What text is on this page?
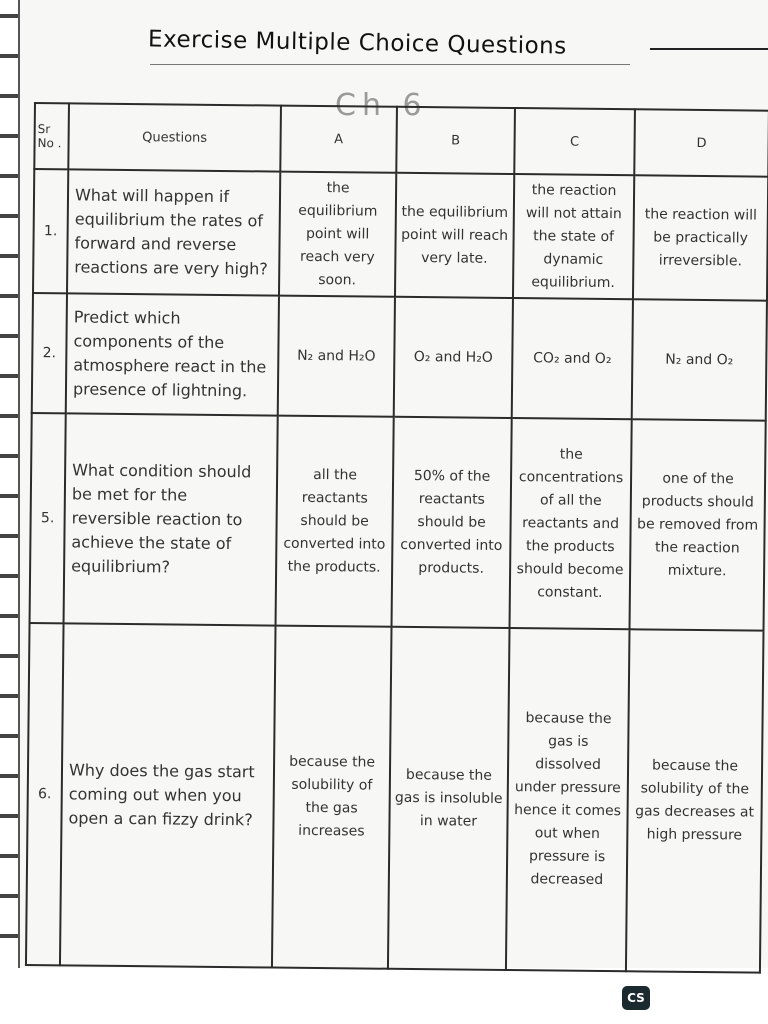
Exercise Multiple Choice Questions
Ch 6
Sr No .	Questions	A	B	C	D
1.	What will happen if equilibrium the rates of forward and reverse reactions are very high?	the equilibrium point will reach very soon.	the equilibrium point will reach very late.	the reaction will not attain the state of dynamic equilibrium.	the reaction will be practically irreversible.
2.	Predict which components of the atmosphere react in the presence of lightning.	N₂ and H₂O	O₂ and H₂O	CO₂ and O₂	N₂ and O₂
5.	What condition should be met for the reversible reaction to achieve the state of equilibrium?	all the reactants should be converted into the products.	50% of the reactants should be converted into products.	the concentrations of all the reactants and the products should become constant.	one of the products should be removed from the reaction mixture.
6.	Why does the gas start coming out when you open a can fizzy drink?	because the solubility of the gas increases	because the gas is insoluble in water	because the gas is dissolved under pressure hence it comes out when pressure is decreased	because the solubility of the gas decreases at high pressure
CS
